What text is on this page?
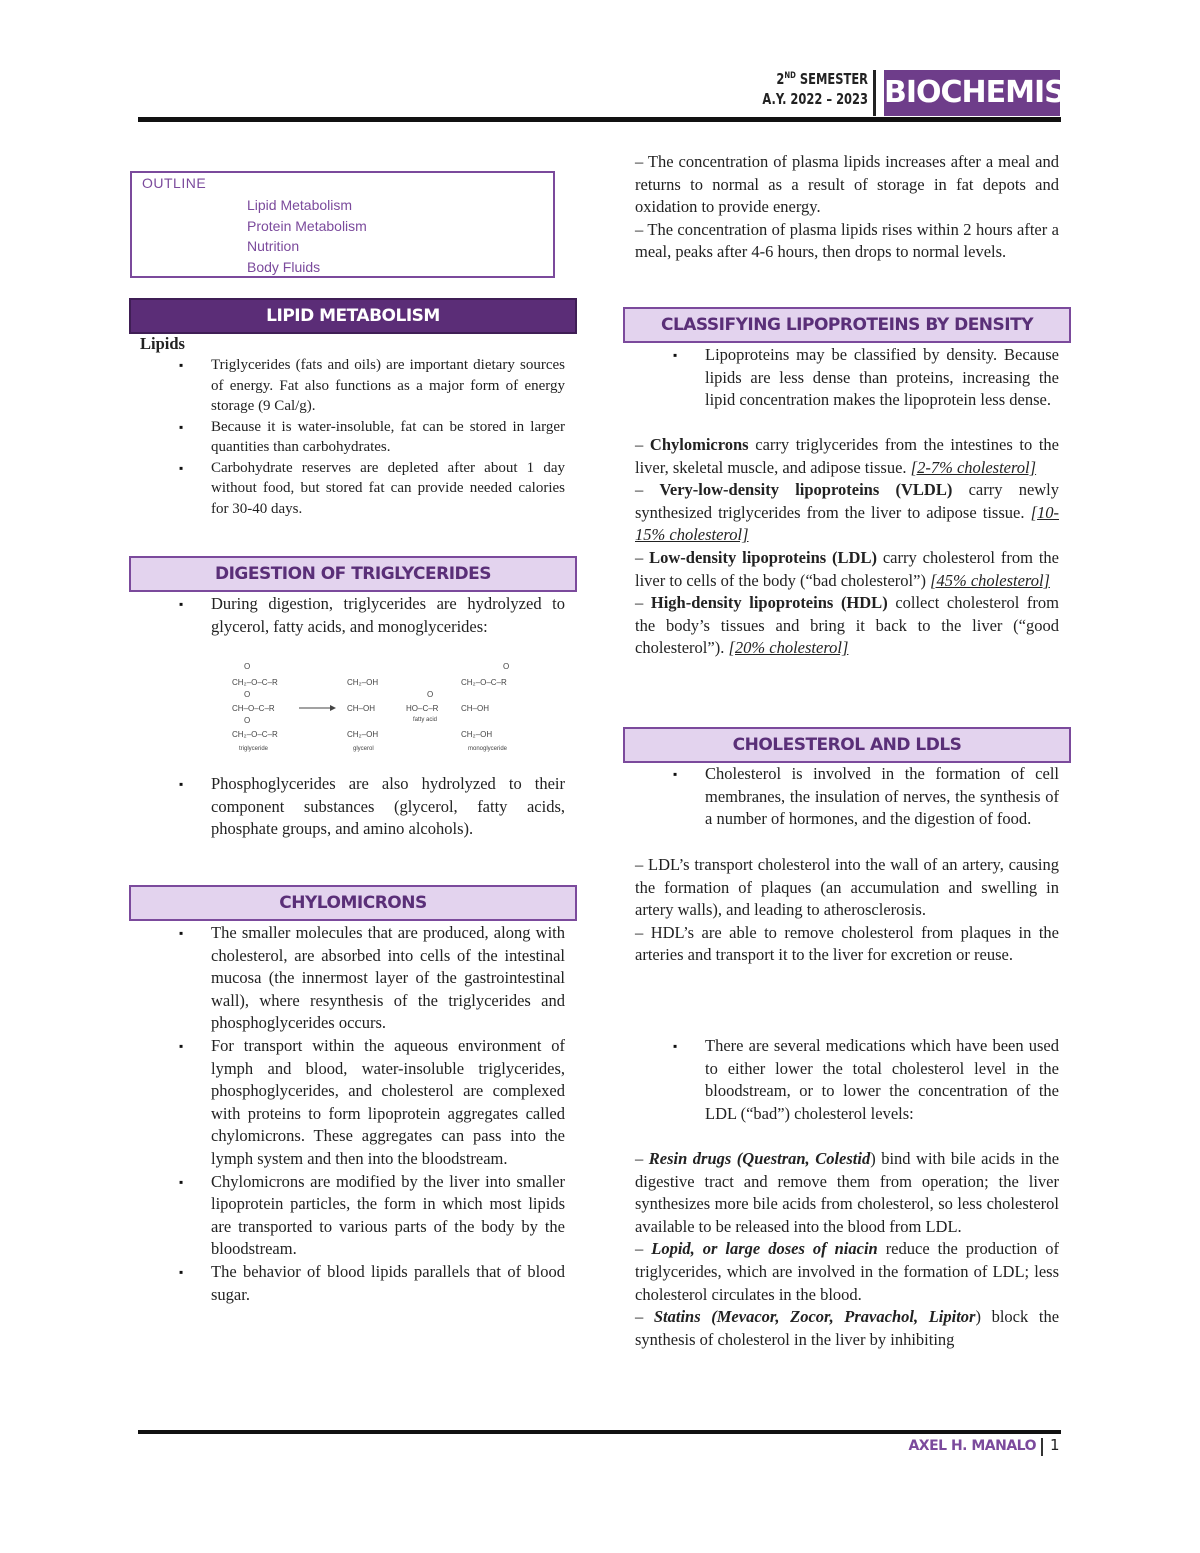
2ND SEMESTER
A.Y. 2022 – 2023 BIOCHEMISTRY
OUTLINE
Lipid Metabolism
Protein Metabolism
Nutrition
Body Fluids
LIPID METABOLISM

Lipids

▪ Triglycerides (fats and oils) are important dietary sources of energy. Fat also functions as a major form of energy storage (9 Cal/g).

▪ Because it is water-insoluble, fat can be stored in larger quantities than carbohydrates.

▪ Carbohydrate reserves are depleted after about 1 day without food, but stored fat can provide needed calories for 30-40 days.

DIGESTION OF TRIGLYCERIDES

▪ During digestion, triglycerides are hydrolyzed to glycerol, fatty acids, and monoglycerides:

O
CH₂–O–C–R
O
CH–O–C–R
O
CH₂–O–C–R
triglyceride
CH₂–OH
CH–OH
CH₂–OH
glycerol
O
HO–C–R
fatty acid
O
CH₂–O–C–R
CH–OH
CH₂–OH
monoglyceride

▪ Phosphoglycerides are also hydrolyzed to their component substances (glycerol, fatty acids, phosphate groups, and amino alcohols).

CHYLOMICRONS

▪ The smaller molecules that are produced, along with cholesterol, are absorbed into cells of the intestinal mucosa (the innermost layer of the gastrointestinal wall), where resynthesis of the triglycerides and phosphoglycerides occurs.

▪ For transport within the aqueous environment of lymph and blood, water-insoluble triglycerides, phosphoglycerides, and cholesterol are complexed with proteins to form lipoprotein aggregates called chylomicrons. These aggregates can pass into the lymph system and then into the bloodstream.

▪ Chylomicrons are modified by the liver into smaller lipoprotein particles, the form in which most lipids are transported to various parts of the body by the bloodstream.

▪ The behavior of blood lipids parallels that of blood sugar.

– The concentration of plasma lipids increases after a meal and returns to normal as a result of storage in fat depots and oxidation to provide energy.

– The concentration of plasma lipids rises within 2 hours after a meal, peaks after 4-6 hours, then drops to normal levels.

CLASSIFYING LIPOPROTEINS BY DENSITY

▪ Lipoproteins may be classified by density. Because lipids are less dense than proteins, increasing the lipid concentration makes the lipoprotein less dense.

– Chylomicrons carry triglycerides from the intestines to the liver, skeletal muscle, and adipose tissue. [2-7% cholesterol]

– Very-low-density lipoproteins (VLDL) carry newly synthesized triglycerides from the liver to adipose tissue. [10-15% cholesterol]

– Low-density lipoproteins (LDL) carry cholesterol from the liver to cells of the body (“bad cholesterol”) [45% cholesterol]

– High-density lipoproteins (HDL) collect cholesterol from the body’s tissues and bring it back to the liver (“good cholesterol”). [20% cholesterol]

CHOLESTEROL AND LDLS

▪ Cholesterol is involved in the formation of cell membranes, the insulation of nerves, the synthesis of a number of hormones, and the digestion of food.

– LDL’s transport cholesterol into the wall of an artery, causing the formation of plaques (an accumulation and swelling in artery walls), and leading to atherosclerosis.

– HDL’s are able to remove cholesterol from plaques in the arteries and transport it to the liver for excretion or reuse.

▪ There are several medications which have been used to either lower the total cholesterol level in the bloodstream, or to lower the concentration of the LDL (“bad”) cholesterol levels:

– Resin drugs (Questran, Colestid) bind with bile acids in the digestive tract and remove them from operation; the liver synthesizes more bile acids from cholesterol, so less cholesterol available to be released into the blood from LDL.

– Lopid, or large doses of niacin reduce the production of triglycerides, which are involved in the formation of LDL; less cholesterol circulates in the blood.

– Statins (Mevacor, Zocor, Pravachol, Lipitor) block the synthesis of cholesterol in the liver by inhibiting

AXEL H. MANALO 1
